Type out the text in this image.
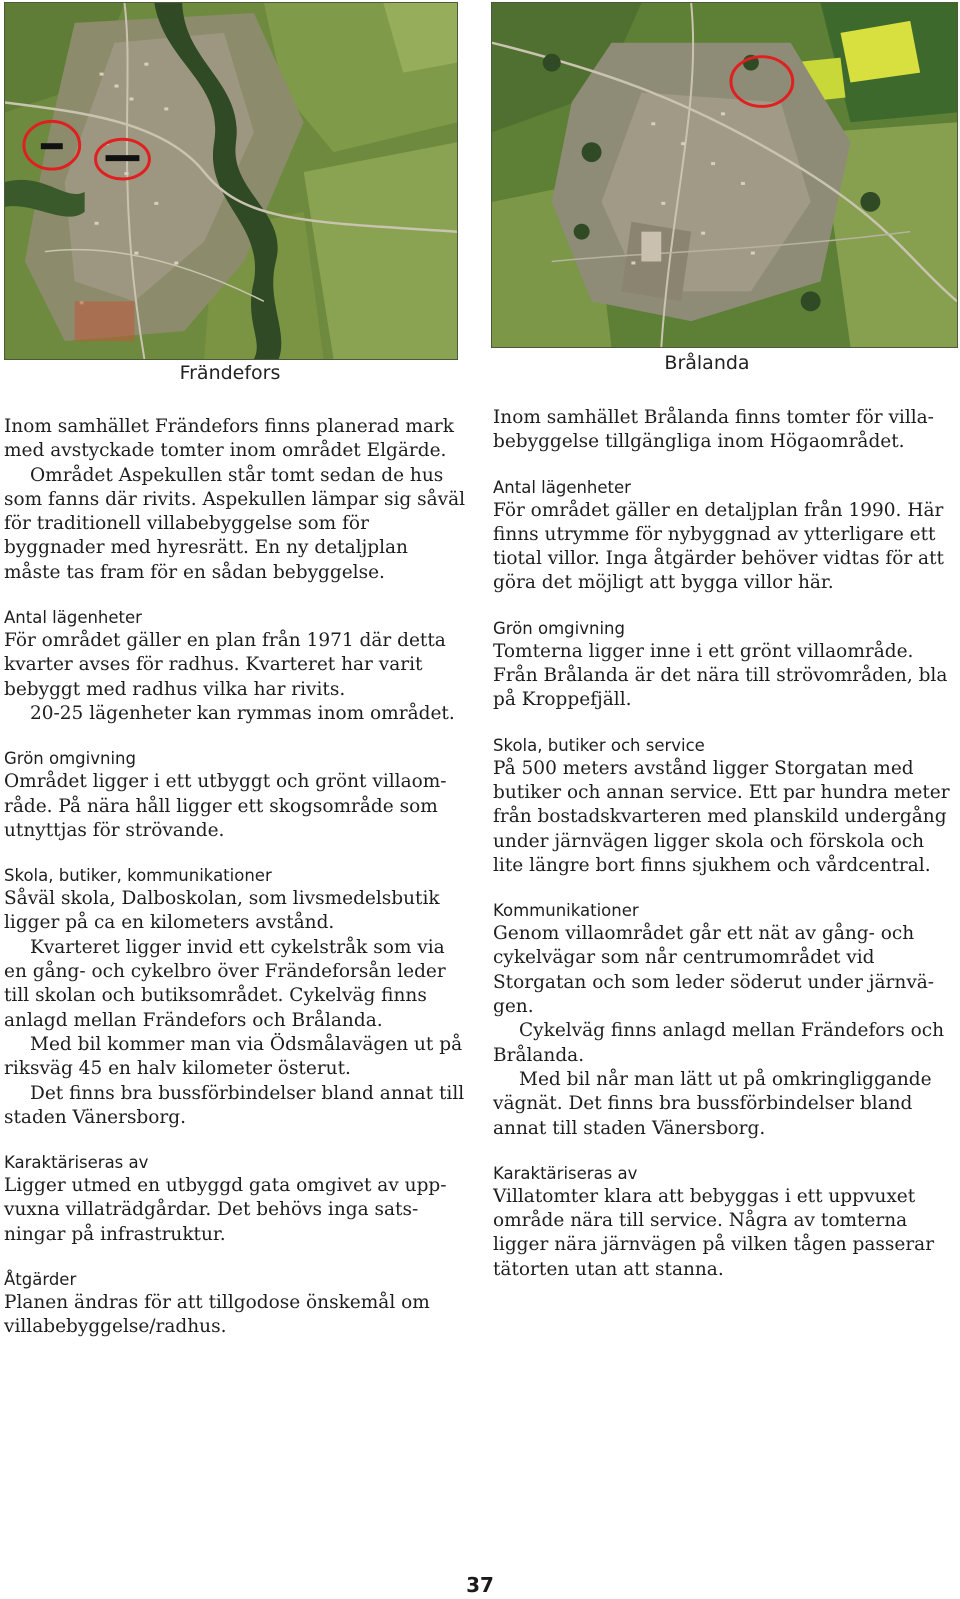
Frändefors

Inom samhället Frändefors finns planerad mark med avstyckade tomter inom området Elgärde.

Området Aspekullen står tomt sedan de hus som fanns där rivits. Aspekullen lämpar sig såväl för traditionell villabebyggelse som för byggnader med hyresrätt. En ny detaljplan måste tas fram för en sådan bebyggelse.

Antal lägenheter

För området gäller en plan från 1971 där detta kvarter avses för radhus. Kvarteret har varit bebyggt med radhus vilka har rivits.

20-25 lägenheter kan rymmas inom området.

Grön omgivning

Området ligger i ett utbyggt och grönt villaom-råde. På nära håll ligger ett skogsområde som utnyttjas för strövande.

Skola, butiker, kommunikationer

Såväl skola, Dalboskolan, som livsmedelsbutik ligger på ca en kilometers avstånd.

Kvarteret ligger invid ett cykelstråk som via en gång- och cykelbro över Frändeforsån leder till skolan och butiksområdet. Cykelväg finns anlagd mellan Frändefors och Brålanda.

Med bil kommer man via Ödsmålavägen ut på riksväg 45 en halv kilometer österut.

Det finns bra bussförbindelser bland annat till staden Vänersborg.

Karaktäriseras av

Ligger utmed en utbyggd gata omgivet av upp-vuxna villaträdgårdar. Det behövs inga sats-ningar på infrastruktur.

Åtgärder

Planen ändras för att tillgodose önskemål om villabebyggelse/radhus.

Brålanda

Inom samhället Brålanda finns tomter för villa-bebyggelse tillgängliga inom Högaområdet.

Antal lägenheter

För området gäller en detaljplan från 1990. Här finns utrymme för nybyggnad av ytterligare ett tiotal villor. Inga åtgärder behöver vidtas för att göra det möjligt att bygga villor här.

Grön omgivning

Tomterna ligger inne i ett grönt villaområde. Från Brålanda är det nära till strövområden, bla på Kroppefjäll.

Skola, butiker och service

På 500 meters avstånd ligger Storgatan med butiker och annan service. Ett par hundra meter från bostadskvarteren med planskild undergång under järnvägen ligger skola och förskola och lite längre bort finns sjukhem och vårdcentral.

Kommunikationer

Genom villaområdet går ett nät av gång- och cykelvägar som når centrumområdet vid Storgatan och som leder söderut under järnvä-gen.

Cykelväg finns anlagd mellan Frändefors och Brålanda.

Med bil når man lätt ut på omkringliggande vägnät. Det finns bra bussförbindelser bland annat till staden Vänersborg.

Karaktäriseras av

Villatomter klara att bebyggas i ett uppvuxet område nära till service. Några av tomterna ligger nära järnvägen på vilken tågen passerar tätorten utan att stanna.

37
